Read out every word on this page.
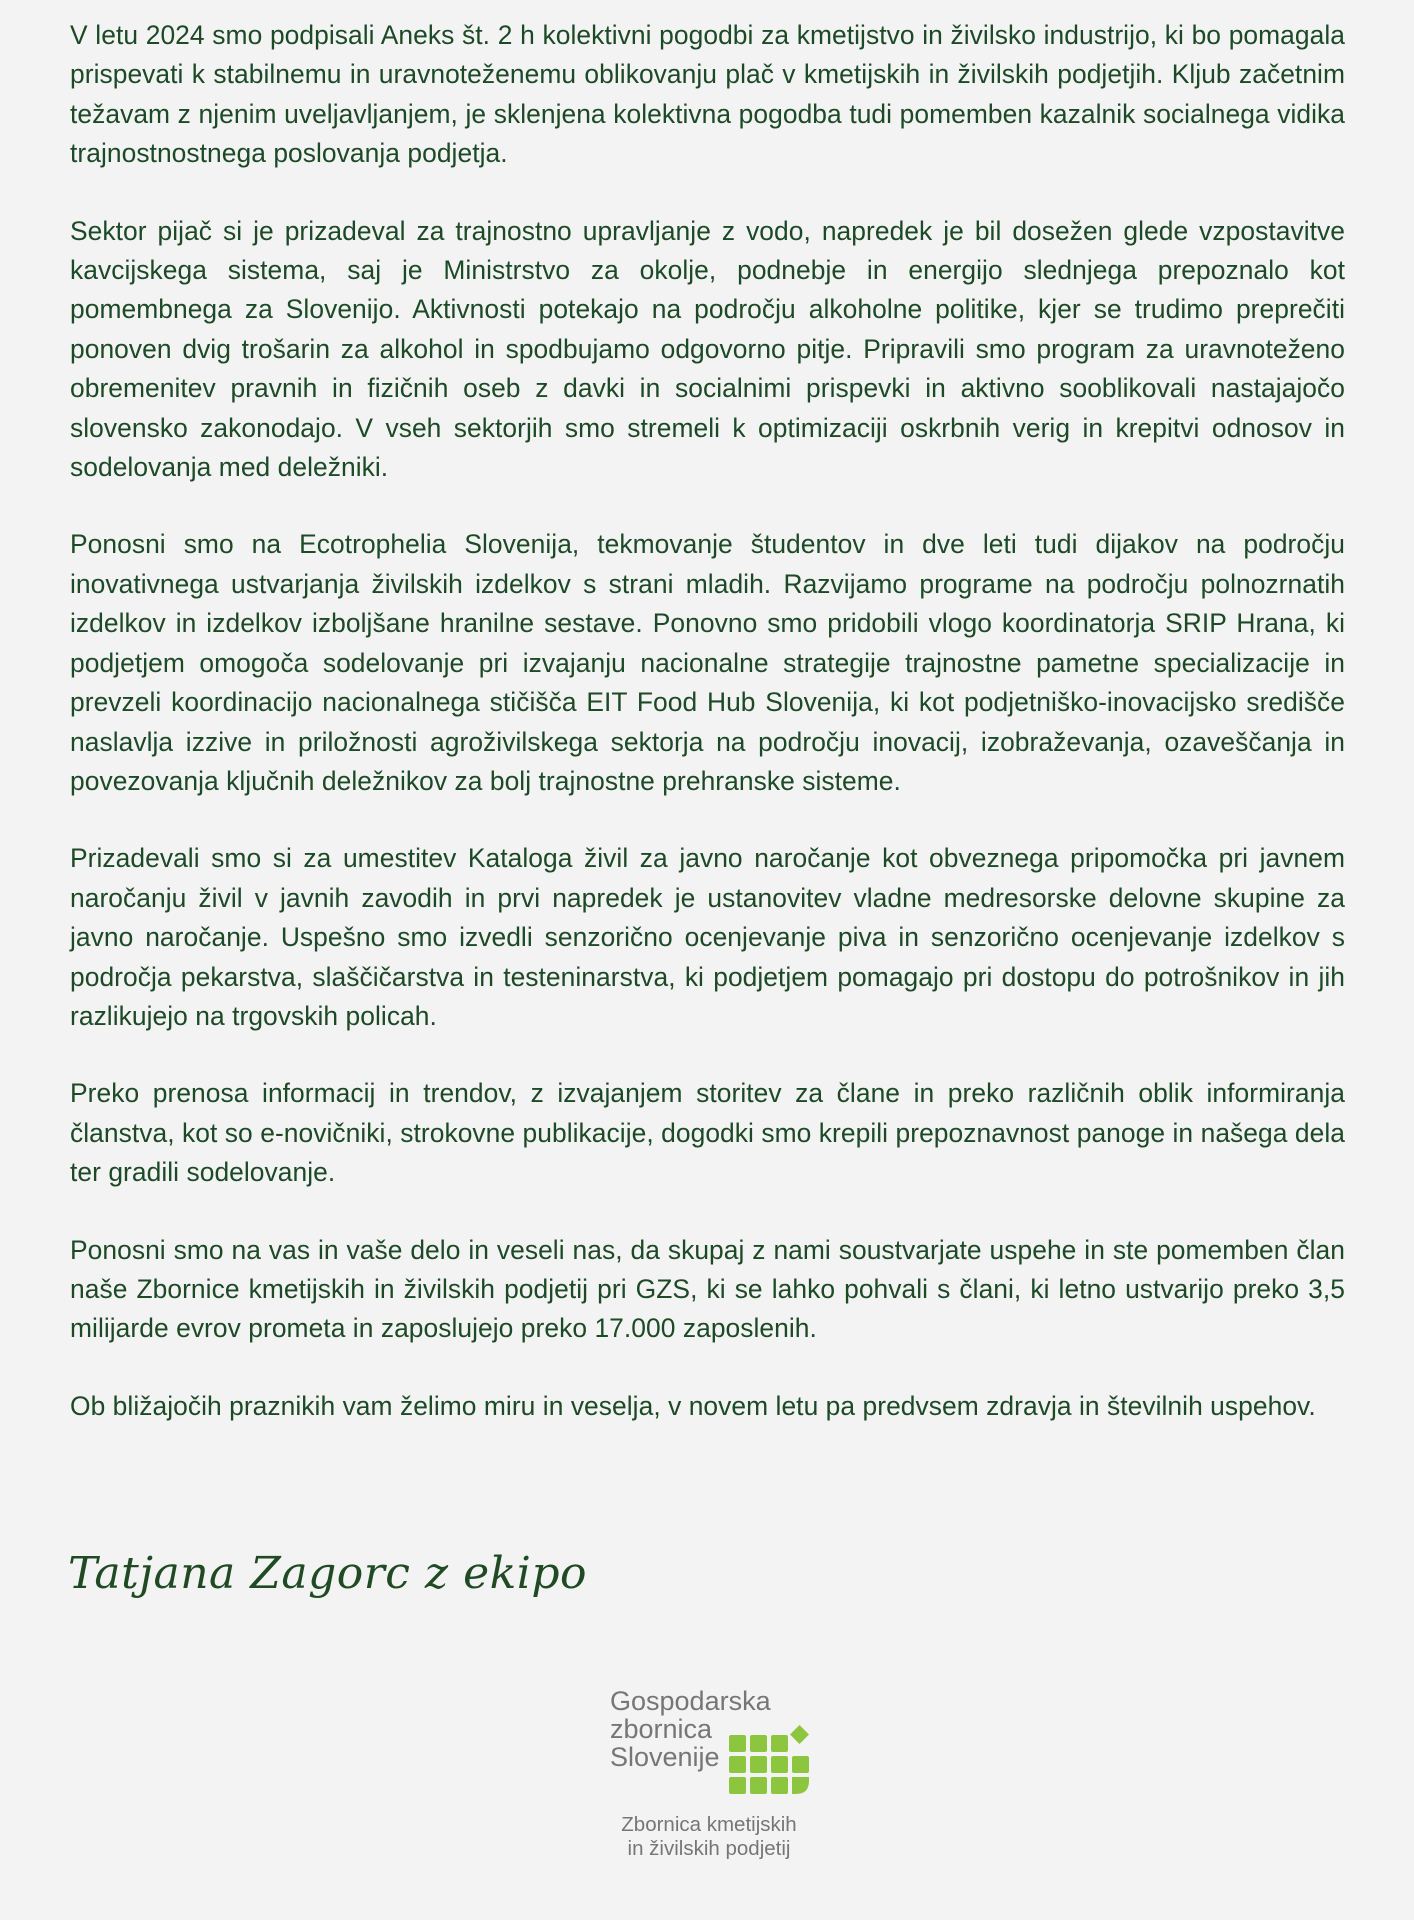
V letu 2024 smo podpisali Aneks št. 2 h kolektivni pogodbi za kmetijstvo in živilsko industrijo, ki bo pomagala prispevati k stabilnemu in uravnoteženemu oblikovanju plač v kmetijskih in živilskih podjetjih. Kljub začetnim težavam z njenim uveljavljanjem, je sklenjena kolektivna pogodba tudi pomemben kazalnik socialnega vidika trajnostnostnega poslovanja podjetja.

Sektor pijač si je prizadeval za trajnostno upravljanje z vodo, napredek je bil dosežen glede vzpostavitve kavcijskega sistema, saj je Ministrstvo za okolje, podnebje in energijo slednjega prepoznalo kot pomembnega za Slovenijo. Aktivnosti potekajo na področju alkoholne politike, kjer se trudimo preprečiti ponoven dvig trošarin za alkohol in spodbujamo odgovorno pitje. Pripravili smo program za uravnoteženo obremenitev pravnih in fizičnih oseb z davki in socialnimi prispevki in aktivno sooblikovali nastajajočo slovensko zakonodajo. V vseh sektorjih smo stremeli k optimizaciji oskrbnih verig in krepitvi odnosov in sodelovanja med deležniki.

Ponosni smo na Ecotrophelia Slovenija, tekmovanje študentov in dve leti tudi dijakov na področju inovativnega ustvarjanja živilskih izdelkov s strani mladih. Razvijamo programe na področju polnozrnatih izdelkov in izdelkov izboljšane hranilne sestave. Ponovno smo pridobili vlogo koordinatorja SRIP Hrana, ki podjetjem omogoča sodelovanje pri izvajanju nacionalne strategije trajnostne pametne specializacije in prevzeli koordinacijo nacionalnega stičišča EIT Food Hub Slovenija, ki kot podjetniško-inovacijsko središče naslavlja izzive in priložnosti agroživilskega sektorja na področju inovacij, izobraževanja, ozaveščanja in povezovanja ključnih deležnikov za bolj trajnostne prehranske sisteme.

Prizadevali smo si za umestitev Kataloga živil za javno naročanje kot obveznega pripomočka pri javnem naročanju živil v javnih zavodih in prvi napredek je ustanovitev vladne medresorske delovne skupine za javno naročanje. Uspešno smo izvedli senzorično ocenjevanje piva in senzorično ocenjevanje izdelkov s področja pekarstva, slaščičarstva in testeninarstva, ki podjetjem pomagajo pri dostopu do potrošnikov in jih razlikujejo na trgovskih policah.

Preko prenosa informacij in trendov, z izvajanjem storitev za člane in preko različnih oblik informiranja članstva, kot so e-novičniki, strokovne publikacije, dogodki smo krepili prepoznavnost panoge in našega dela ter gradili sodelovanje.

Ponosni smo na vas in vaše delo in veseli nas, da skupaj z nami soustvarjate uspehe in ste pomemben član naše Zbornice kmetijskih in živilskih podjetij pri GZS, ki se lahko pohvali s člani, ki letno ustvarijo preko 3,5 milijarde evrov prometa in zaposlujejo preko 17.000 zaposlenih.

Ob bližajočih praznikih vam želimo miru in veselja, v novem letu pa predvsem zdravja in številnih uspehov.

Tatjana Zagorc z ekipo
Gospodarska
zbornica
Slovenije
Zbornica kmetijskih
in živilskih podjetij
